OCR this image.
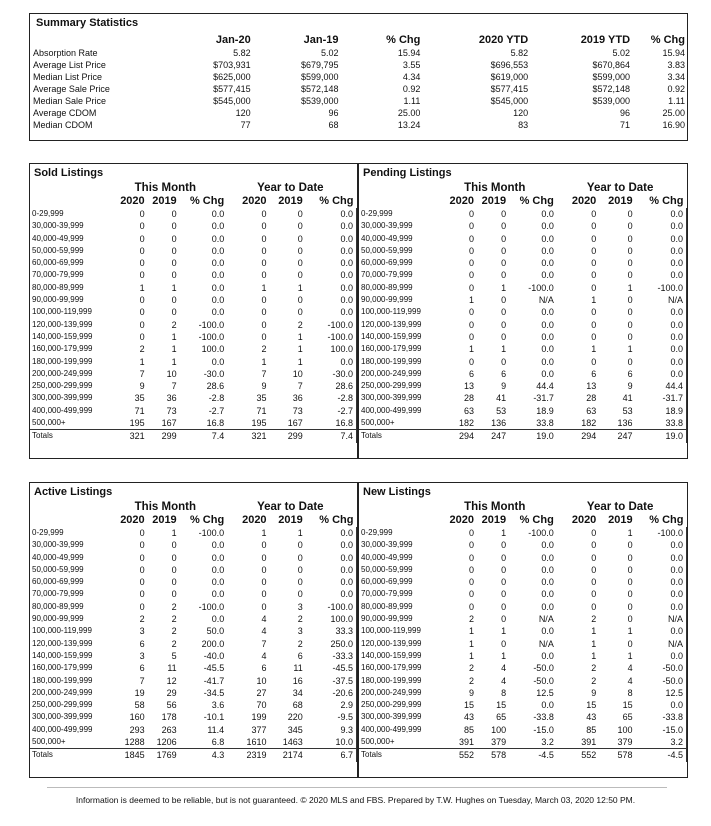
Summary Statistics
	Jan-20	Jan-19	% Chg	2020 YTD	2019 YTD	% Chg
Absorption Rate	5.82	5.02	15.94	5.82	5.02	15.94
Average List Price	$703,931	$679,795	3.55	$696,553	$670,864	3.83
Median List Price	$625,000	$599,000	4.34	$619,000	$599,000	3.34
Average Sale Price	$577,415	$572,148	0.92	$577,415	$572,148	0.92
Median Sale Price	$545,000	$539,000	1.11	$545,000	$539,000	1.11
Average CDOM	120	96	25.00	120	96	25.00
Median CDOM	77	68	13.24	83	71	16.90
Sold Listings
	This Month			Year to Date		
	2020	2019	% Chg	2020	2019	% Chg
0-29,999	0	0	0.0	0	0	0.0
30,000-39,999	0	0	0.0	0	0	0.0
40,000-49,999	0	0	0.0	0	0	0.0
50,000-59,999	0	0	0.0	0	0	0.0
60,000-69,999	0	0	0.0	0	0	0.0
70,000-79,999	0	0	0.0	0	0	0.0
80,000-89,999	1	1	0.0	1	1	0.0
90,000-99,999	0	0	0.0	0	0	0.0
100,000-119,999	0	0	0.0	0	0	0.0
120,000-139,999	0	2	-100.0	0	2	-100.0
140,000-159,999	0	1	-100.0	0	1	-100.0
160,000-179,999	2	1	100.0	2	1	100.0
180,000-199,999	1	1	0.0	1	1	0.0
200,000-249,999	7	10	-30.0	7	10	-30.0
250,000-299,999	9	7	28.6	9	7	28.6
300,000-399,999	35	36	-2.8	35	36	-2.8
400,000-499,999	71	73	-2.7	71	73	-2.7
500,000+	195	167	16.8	195	167	16.8
Totals	321	299	7.4	321	299	7.4
Pending Listings
	This Month			Year to Date		
	2020	2019	% Chg	2020	2019	% Chg
0-29,999	0	0	0.0	0	0	0.0
30,000-39,999	0	0	0.0	0	0	0.0
40,000-49,999	0	0	0.0	0	0	0.0
50,000-59,999	0	0	0.0	0	0	0.0
60,000-69,999	0	0	0.0	0	0	0.0
70,000-79,999	0	0	0.0	0	0	0.0
80,000-89,999	0	1	-100.0	0	1	-100.0
90,000-99,999	1	0	N/A	1	0	N/A
100,000-119,999	0	0	0.0	0	0	0.0
120,000-139,999	0	0	0.0	0	0	0.0
140,000-159,999	0	0	0.0	0	0	0.0
160,000-179,999	1	1	0.0	1	1	0.0
180,000-199,999	0	0	0.0	0	0	0.0
200,000-249,999	6	6	0.0	6	6	0.0
250,000-299,999	13	9	44.4	13	9	44.4
300,000-399,999	28	41	-31.7	28	41	-31.7
400,000-499,999	63	53	18.9	63	53	18.9
500,000+	182	136	33.8	182	136	33.8
Totals	294	247	19.0	294	247	19.0
Active Listings
	This Month			Year to Date		
	2020	2019	% Chg	2020	2019	% Chg
0-29,999	0	1	-100.0	1	1	0.0
30,000-39,999	0	0	0.0	0	0	0.0
40,000-49,999	0	0	0.0	0	0	0.0
50,000-59,999	0	0	0.0	0	0	0.0
60,000-69,999	0	0	0.0	0	0	0.0
70,000-79,999	0	0	0.0	0	0	0.0
80,000-89,999	0	2	-100.0	0	3	-100.0
90,000-99,999	2	2	0.0	4	2	100.0
100,000-119,999	3	2	50.0	4	3	33.3
120,000-139,999	6	2	200.0	7	2	250.0
140,000-159,999	3	5	-40.0	4	6	-33.3
160,000-179,999	6	11	-45.5	6	11	-45.5
180,000-199,999	7	12	-41.7	10	16	-37.5
200,000-249,999	19	29	-34.5	27	34	-20.6
250,000-299,999	58	56	3.6	70	68	2.9
300,000-399,999	160	178	-10.1	199	220	-9.5
400,000-499,999	293	263	11.4	377	345	9.3
500,000+	1288	1206	6.8	1610	1463	10.0
Totals	1845	1769	4.3	2319	2174	6.7
New Listings
	This Month			Year to Date		
	2020	2019	% Chg	2020	2019	% Chg
0-29,999	0	1	-100.0	0	1	-100.0
30,000-39,999	0	0	0.0	0	0	0.0
40,000-49,999	0	0	0.0	0	0	0.0
50,000-59,999	0	0	0.0	0	0	0.0
60,000-69,999	0	0	0.0	0	0	0.0
70,000-79,999	0	0	0.0	0	0	0.0
80,000-89,999	0	0	0.0	0	0	0.0
90,000-99,999	2	0	N/A	2	0	N/A
100,000-119,999	1	1	0.0	1	1	0.0
120,000-139,999	1	0	N/A	1	0	N/A
140,000-159,999	1	1	0.0	1	1	0.0
160,000-179,999	2	4	-50.0	2	4	-50.0
180,000-199,999	2	4	-50.0	2	4	-50.0
200,000-249,999	9	8	12.5	9	8	12.5
250,000-299,999	15	15	0.0	15	15	0.0
300,000-399,999	43	65	-33.8	43	65	-33.8
400,000-499,999	85	100	-15.0	85	100	-15.0
500,000+	391	379	3.2	391	379	3.2
Totals	552	578	-4.5	552	578	-4.5
Information is deemed to be reliable, but is not guaranteed. © 2020 MLS and FBS. Prepared by T.W. Hughes on Tuesday, March 03, 2020 12:50 PM.
